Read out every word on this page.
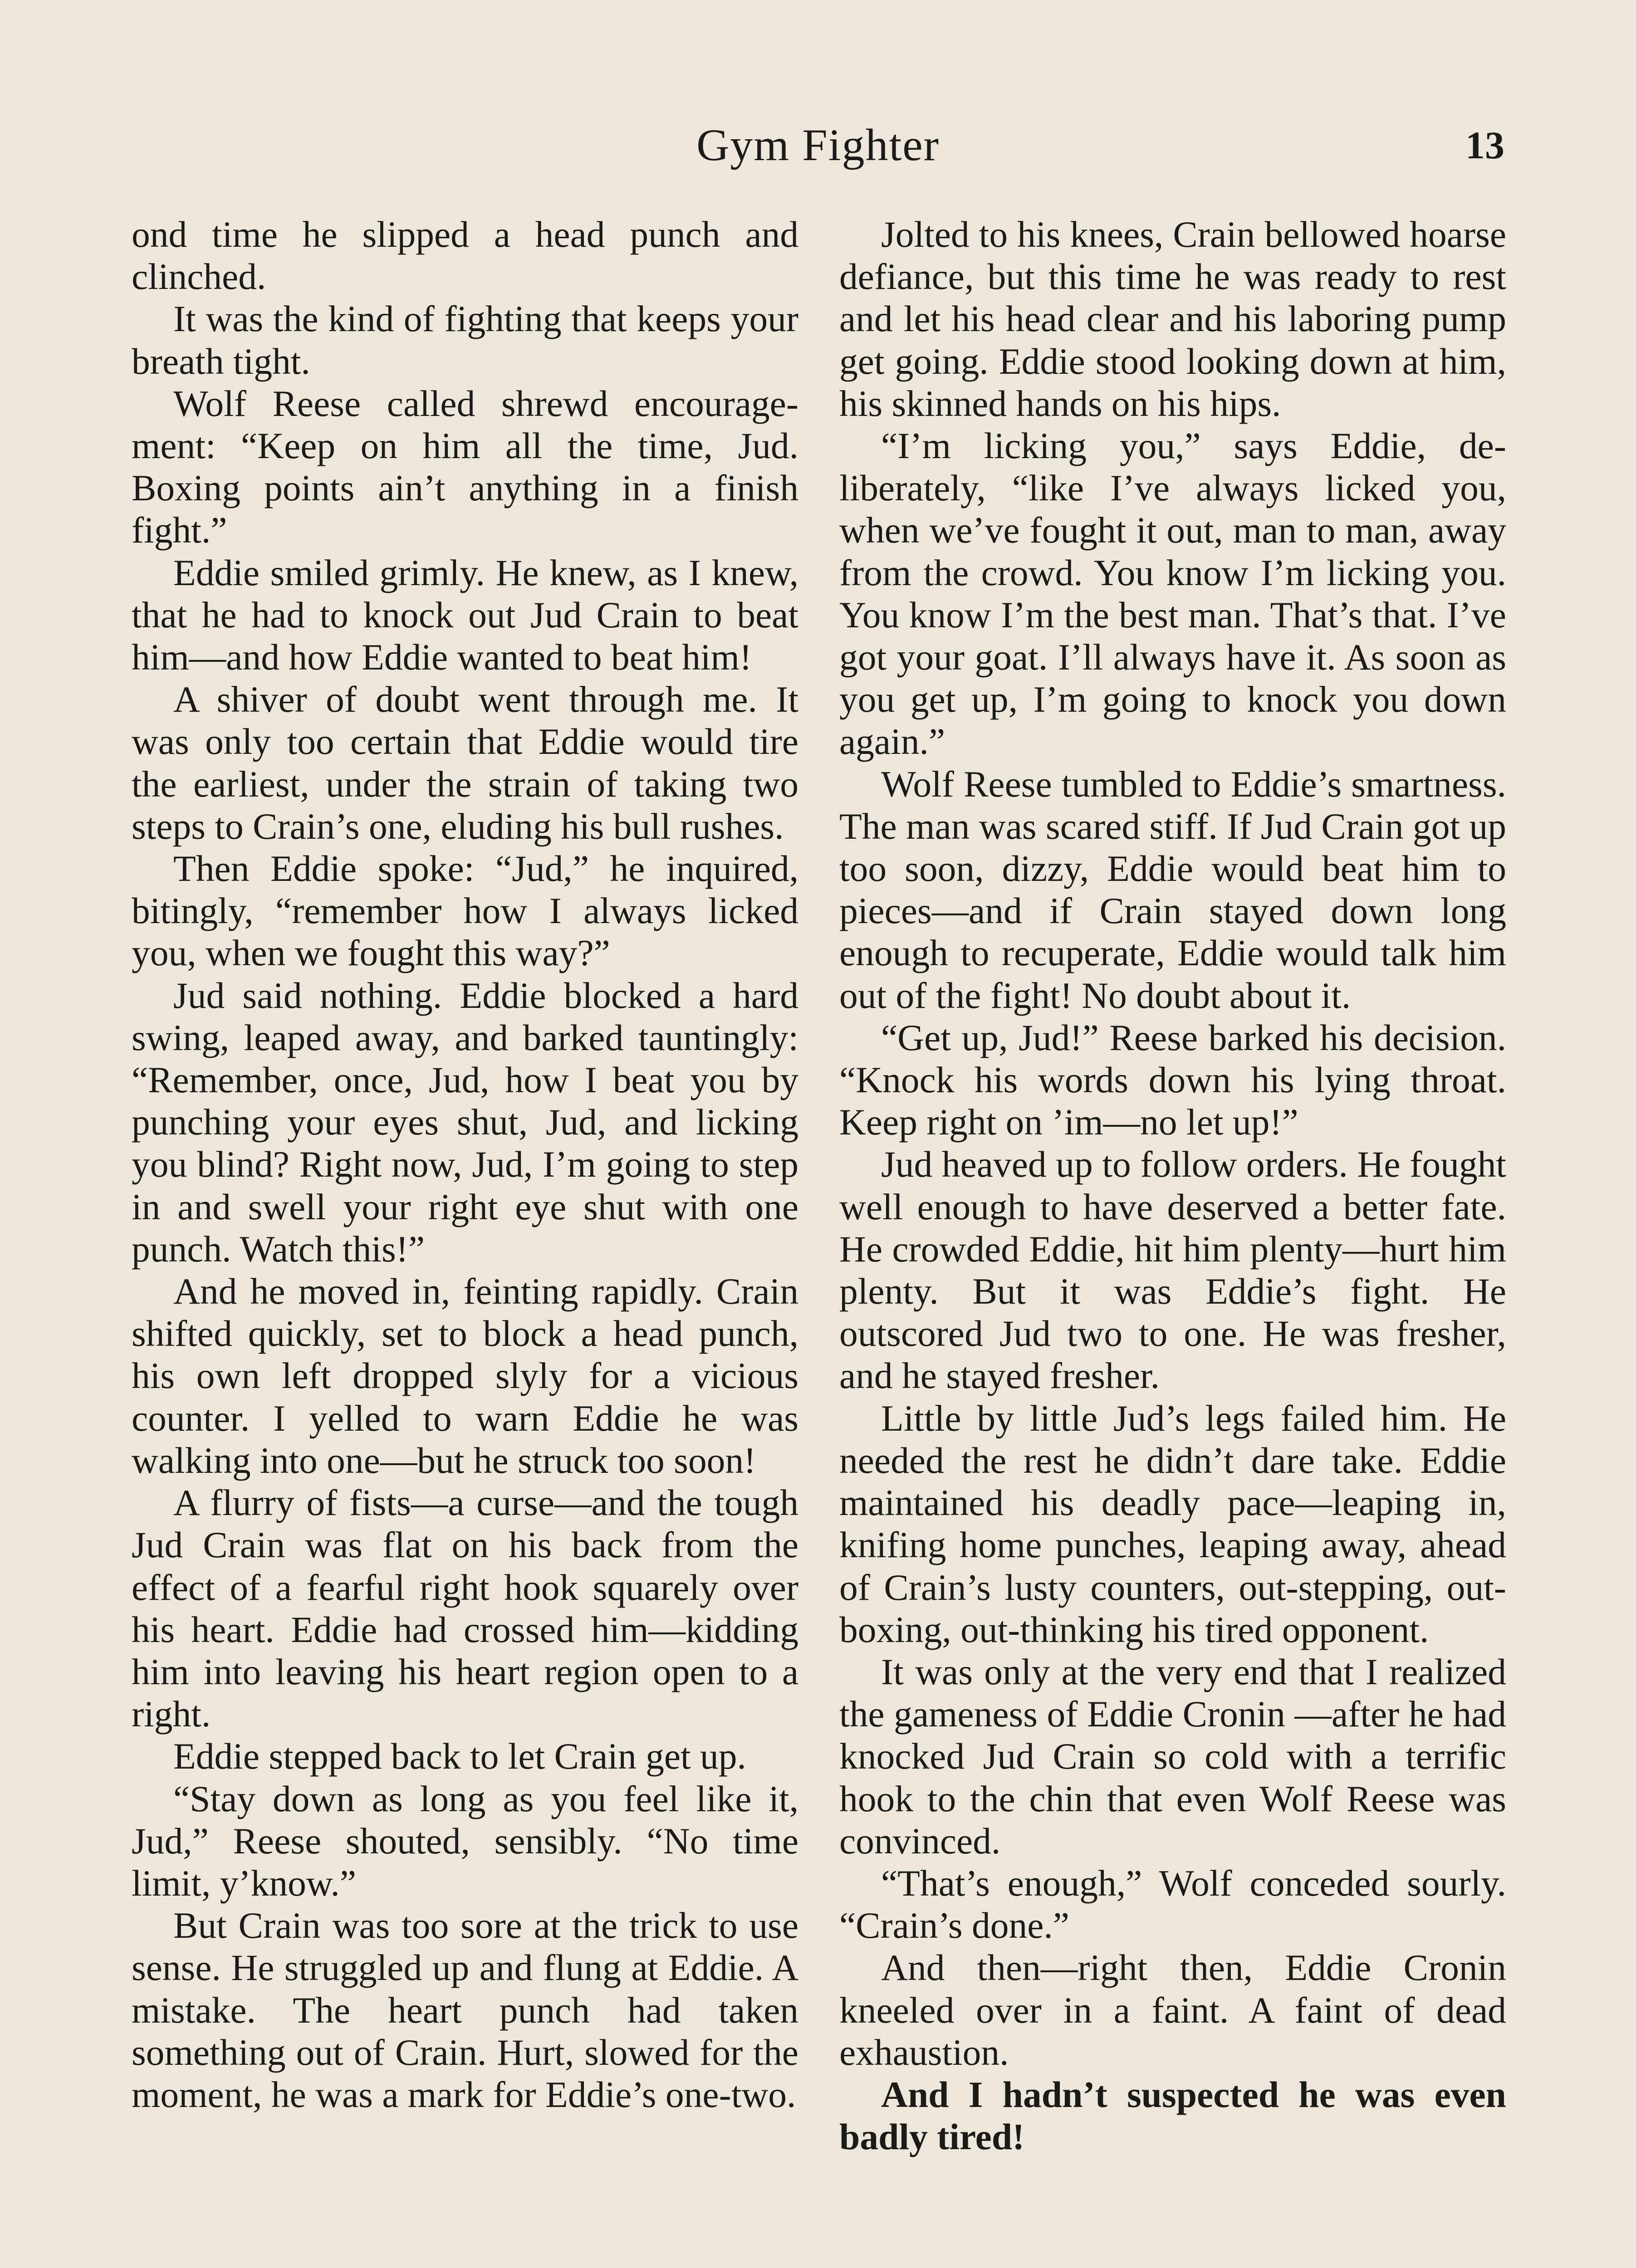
Gym Fighter	13

ond time he slipped a head punch and clinched.

It was the kind of fighting that keeps your breath tight.

Wolf Reese called shrewd encouragement: “Keep on him all the time, Jud. Boxing points ain’t anything in a finish fight.”

Eddie smiled grimly. He knew, as I knew, that he had to knock out Jud Crain to beat him—and how Eddie wanted to beat him!

A shiver of doubt went through me. It was only too certain that Eddie would tire the earliest, under the strain of taking two steps to Crain’s one, eluding his bull rushes.

Then Eddie spoke: “Jud,” he inquired, bitingly, “remember how I always licked you, when we fought this way?”

Jud said nothing. Eddie blocked a hard swing, leaped away, and barked tauntingly: “Remember, once, Jud, how I beat you by punching your eyes shut, Jud, and licking you blind? Right now, Jud, I’m going to step in and swell your right eye shut with one punch. Watch this!”

And he moved in, feinting rapidly. Crain shifted quickly, set to block a head punch, his own left dropped slyly for a vicious counter. I yelled to warn Eddie he was walking into one—but he struck too soon!

A flurry of fists—a curse—and the tough Jud Crain was flat on his back from the effect of a fearful right hook squarely over his heart. Eddie had crossed him—kidding him into leaving his heart region open to a right.

Eddie stepped back to let Crain get up.

“Stay down as long as you feel like it, Jud,” Reese shouted, sensibly. “No time limit, y’know.”

But Crain was too sore at the trick to use sense. He struggled up and flung at Eddie. A mistake. The heart punch had taken something out of Crain. Hurt, slowed for the moment, he was a mark for Eddie’s one-two.

Jolted to his knees, Crain bellowed hoarse defiance, but this time he was ready to rest and let his head clear and his laboring pump get going. Eddie stood looking down at him, his skinned hands on his hips.

“I’m licking you,” says Eddie, deliberately, “like I’ve always licked you, when we’ve fought it out, man to man, away from the crowd. You know I’m licking you. You know I’m the best man. That’s that. I’ve got your goat. I’ll always have it. As soon as you get up, I’m going to knock you down again.”

Wolf Reese tumbled to Eddie’s smartness. The man was scared stiff. If Jud Crain got up too soon, dizzy, Eddie would beat him to pieces—and if Crain stayed down long enough to recuperate, Eddie would talk him out of the fight! No doubt about it.

“Get up, Jud!” Reese barked his decision. “Knock his words down his lying throat. Keep right on ’im—no let up!”

Jud heaved up to follow orders. He fought well enough to have deserved a better fate. He crowded Eddie, hit him plenty—hurt him plenty. But it was Eddie’s fight. He outscored Jud two to one. He was fresher, and he stayed fresher.

Little by little Jud’s legs failed him. He needed the rest he didn’t dare take. Eddie maintained his deadly pace—leaping in, knifing home punches, leaping away, ahead of Crain’s lusty counters, out-stepping, out-boxing, out-thinking his tired opponent.

It was only at the very end that I realized the gameness of Eddie Cronin —after he had knocked Jud Crain so cold with a terrific hook to the chin that even Wolf Reese was convinced.

“That’s enough,” Wolf conceded sourly. “Crain’s done.”

And then—right then, Eddie Cronin kneeled over in a faint. A faint of dead exhaustion.

And I hadn’t suspected he was even badly tired!
